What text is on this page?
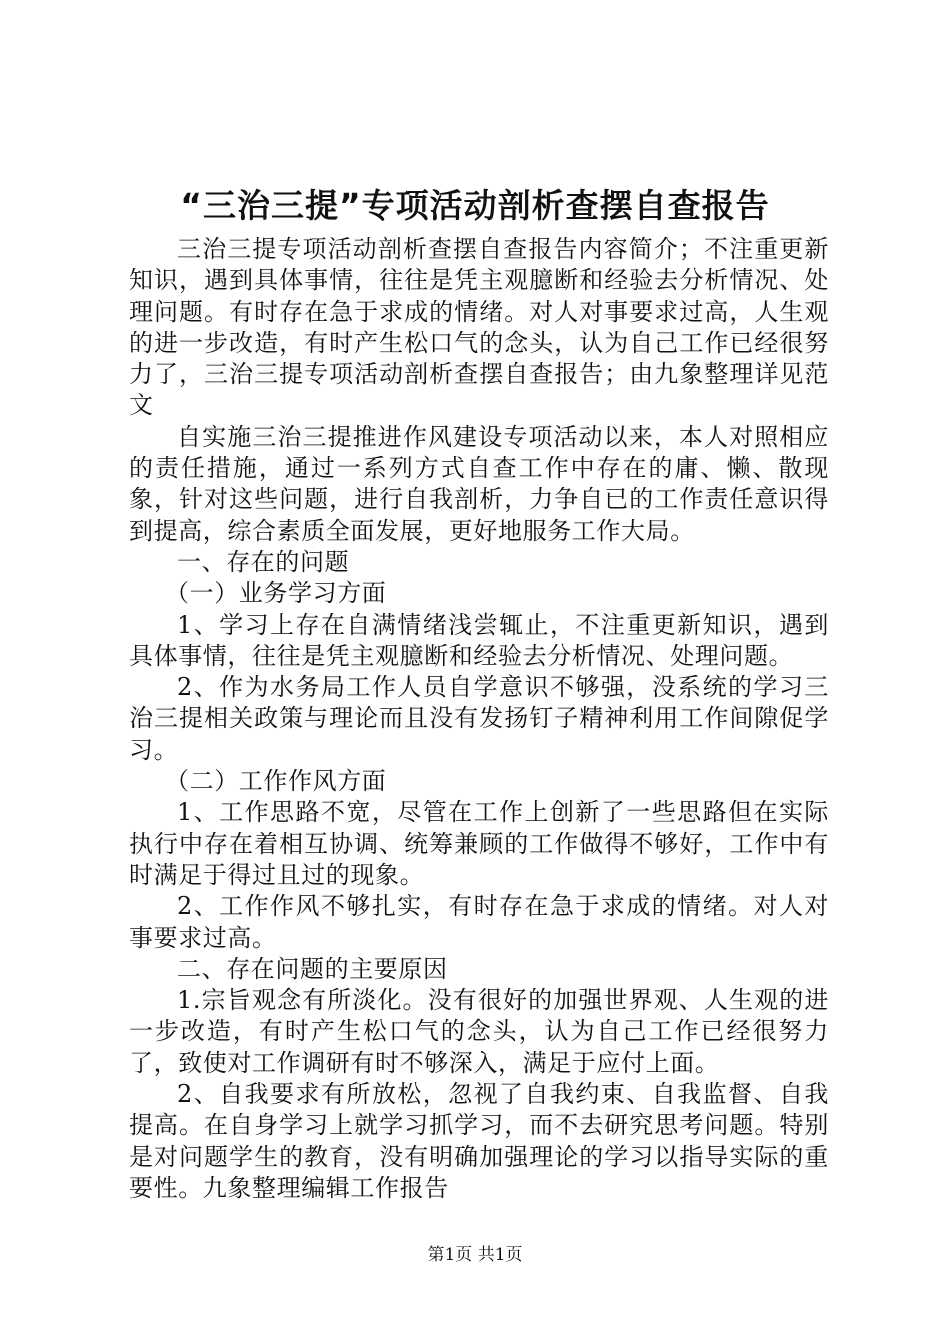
“三治三提”专项活动剖析查摆自查报告

三治三提专项活动剖析查摆自查报告内容简介；不注重更新知识，遇到具体事情，往往是凭主观臆断和经验去分析情况、处理问题。有时存在急于求成的情绪。对人对事要求过高，人生观的进一步改造，有时产生松口气的念头，认为自己工作已经很努力了，三治三提专项活动剖析查摆自查报告；由九象整理详见范文

自实施三治三提推进作风建设专项活动以来，本人对照相应的责任措施，通过一系列方式自查工作中存在的庸、懒、散现象，针对这些问题，进行自我剖析，力争自已的工作责任意识得到提高，综合素质全面发展，更好地服务工作大局。

一、存在的问题

（一）业务学习方面

1、学习上存在自满情绪浅尝辄止，不注重更新知识，遇到具体事情，往往是凭主观臆断和经验去分析情况、处理问题。

2、作为水务局工作人员自学意识不够强，没系统的学习三治三提相关政策与理论而且没有发扬钉子精神利用工作间隙促学习。

（二）工作作风方面

1、工作思路不宽，尽管在工作上创新了一些思路但在实际执行中存在着相互协调、统筹兼顾的工作做得不够好，工作中有时满足于得过且过的现象。

2、工作作风不够扎实，有时存在急于求成的情绪。对人对事要求过高。

二、存在问题的主要原因

1.宗旨观念有所淡化。没有很好的加强世界观、人生观的进一步改造，有时产生松口气的念头，认为自己工作已经很努力了，致使对工作调研有时不够深入，满足于应付上面。

2、自我要求有所放松，忽视了自我约束、自我监督、自我提高。在自身学习上就学习抓学习，而不去研究思考问题。特别是对问题学生的教育，没有明确加强理论的学习以指导实际的重要性。九象整理编辑工作报告

第1页 共1页
